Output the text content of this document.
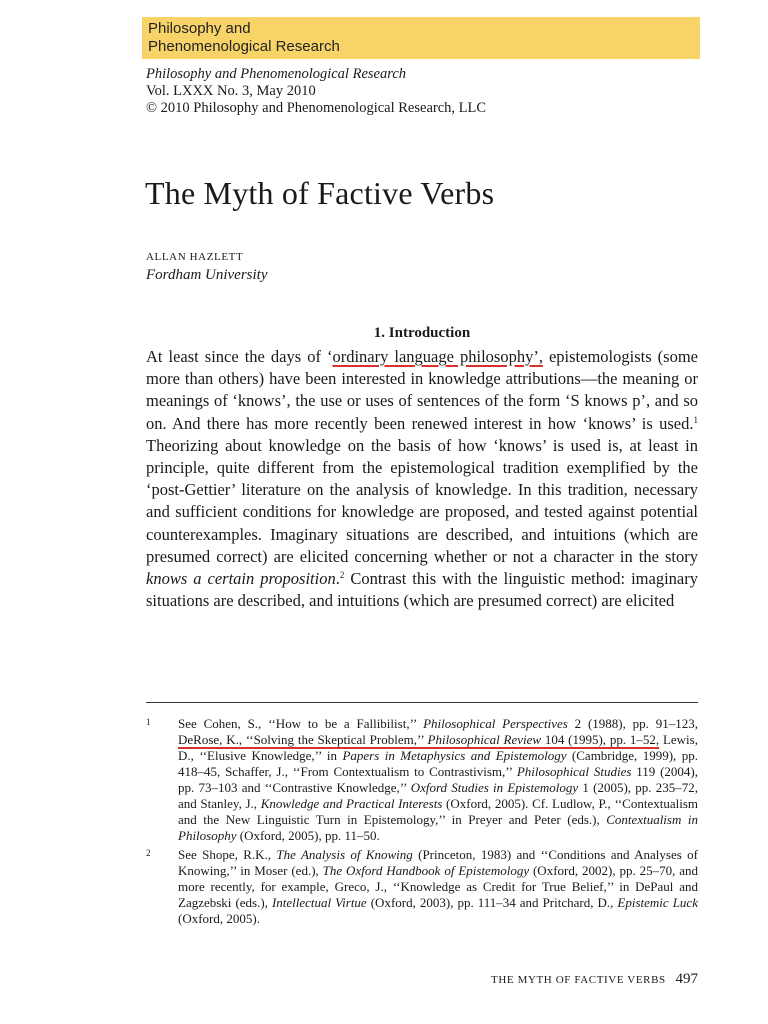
Philosophy and
Phenomenological Research
Philosophy and Phenomenological Research
Vol. LXXX No. 3, May 2010
© 2010 Philosophy and Phenomenological Research, LLC
The Myth of Factive Verbs
ALLAN HAZLETT
Fordham University
1. Introduction

At least since the days of ‘ordinary language philosophy’, epistemologists (some more than others) have been interested in knowledge attributions—the meaning or meanings of ‘knows’, the use or uses of sentences of the form ‘S knows p’, and so on. And there has more recently been renewed interest in how ‘knows’ is used.$^1$ Theorizing about knowledge on the basis of how ‘knows’ is used is, at least in principle, quite different from the epistemological tradition exemplified by the ‘post-Gettier’ literature on the analysis of knowledge. In this tradition, necessary and sufficient conditions for knowledge are proposed, and tested against potential counterexamples. Imaginary situations are described, and intuitions (which are presumed correct) are elicited concerning whether or not a character in the story knows a certain proposition.$^2$ Contrast this with the linguistic method: imaginary situations are described, and intuitions (which are presumed correct) are elicited

1	See Cohen, S., ‘‘How to be a Fallibilist,’’ Philosophical Perspectives 2 (1988), pp. 91–123, DeRose, K., ‘‘Solving the Skeptical Problem,’’ Philosophical Review 104 (1995), pp. 1–52, Lewis, D., ‘‘Elusive Knowledge,’’ in Papers in Metaphysics and Epistemology (Cambridge, 1999), pp. 418–45, Schaffer, J., ‘‘From Contextualism to Contrastivism,’’ Philosophical Studies 119 (2004), pp. 73–103 and ‘‘Contrastive Knowledge,’’ Oxford Studies in Epistemology 1 (2005), pp. 235–72, and Stanley, J., Knowledge and Practical Interests (Oxford, 2005). Cf. Ludlow, P., ‘‘Contextualism and the New Linguistic Turn in Epistemology,’’ in Preyer and Peter (eds.), Contextualism in Philosophy (Oxford, 2005), pp. 11–50.
2	See Shope, R.K., The Analysis of Knowing (Princeton, 1983) and ‘‘Conditions and Analyses of Knowing,’’ in Moser (ed.), The Oxford Handbook of Epistemology (Oxford, 2002), pp. 25–70, and more recently, for example, Greco, J., ‘‘Knowledge as Credit for True Belief,’’ in DePaul and Zagzebski (eds.), Intellectual Virtue (Oxford, 2003), pp. 111–34 and Pritchard, D., Epistemic Luck (Oxford, 2005).
THE MYTH OF FACTIVE VERBS 497
